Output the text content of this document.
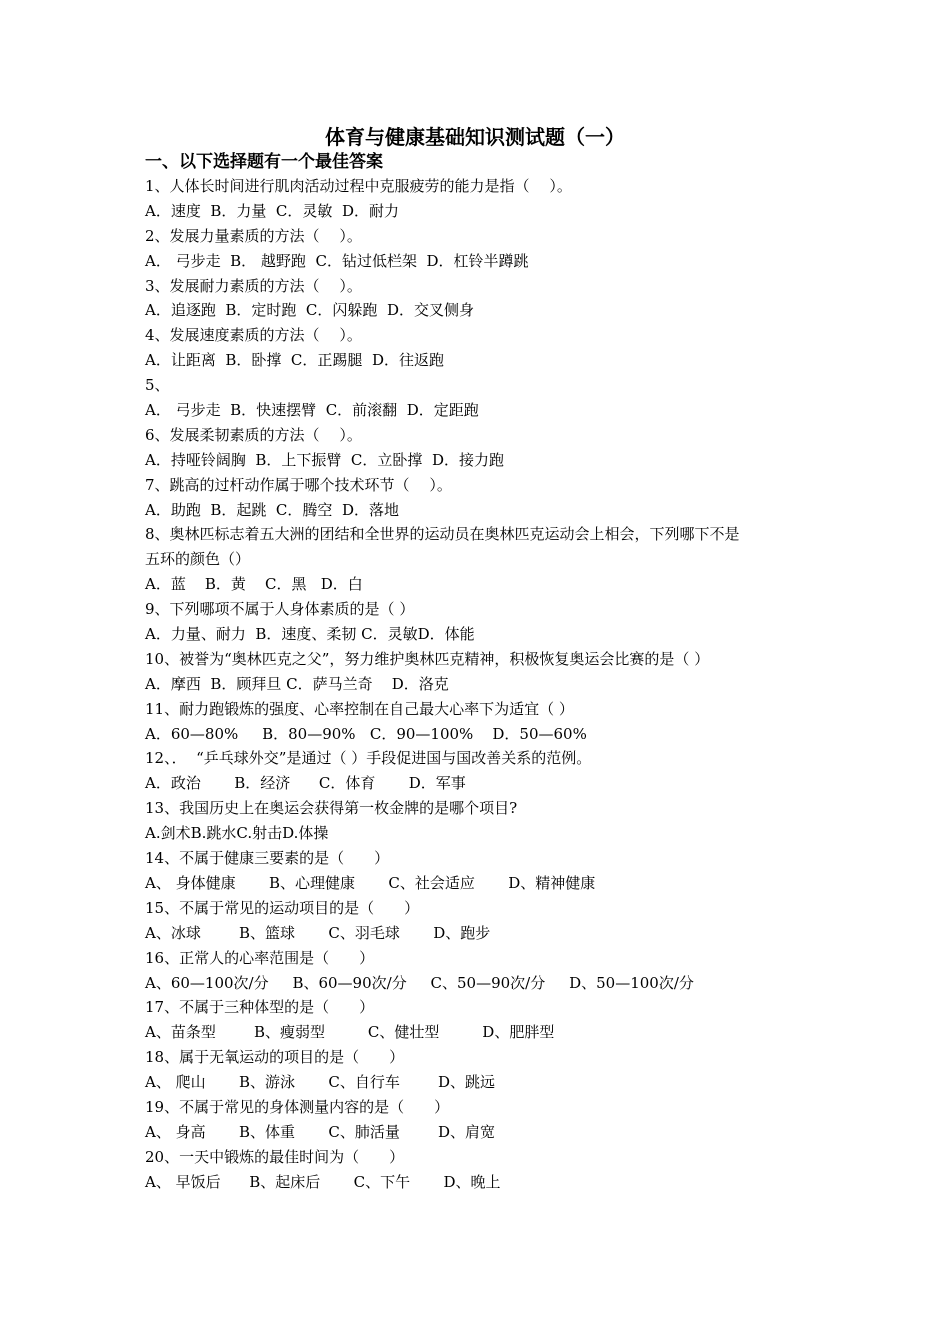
体育与健康基础知识测试题（一）
一、以下选择题有一个最佳答案
1、人体长时间进行肌肉活动过程中克服疲劳的能力是指（　 ）。
A．速度  B．力量  C．灵敏  D．耐力
2、发展力量素质的方法（　 ）。
A． 弓步走  B． 越野跑  C．钻过低栏架  D．杠铃半蹲跳
3、发展耐力素质的方法（　 ）。
A．追逐跑  B．定时跑  C．闪躲跑  D．交叉侧身
4、发展速度素质的方法（　 ）。
A．让距离  B．卧撑  C．正踢腿  D．往返跑
5、
A． 弓步走  B．快速摆臂  C．前滚翻  D．定距跑
6、发展柔韧素质的方法（　 ）。
A．持哑铃阔胸  B．上下振臂  C．立卧撑  D．接力跑
7、跳高的过杆动作属于哪个技术环节（　 ）。
A．助跑  B．起跳  C．腾空  D．落地
8、奥林匹标志着五大洲的团结和全世界的运动员在奥林匹克运动会上相会，下列哪下不是
五环的颜色（）
A．蓝    B．黄    C．黑   D．白
9、下列哪项不属于人身体素质的是（ ）
A．力量、耐力  B．速度、柔韧 C．灵敏D．体能
10、被誉为“奥林匹克之父”，努力维护奥林匹克精神，积极恢复奥运会比赛的是（ ）
A．摩西  B．顾拜旦 C．萨马兰奇    D．洛克
11、耐力跑锻炼的强度、心率控制在自己最大心率下为适宜（ ）
A．60—80%     B．80—90%   C．90—100%    D．50—60%
12、．  “乒乓球外交”是通过（ ）手段促进国与国改善关系的范例。
A．政治       B．经济      C．体育       D．军事
13、我国历史上在奥运会获得第一枚金牌的是哪个项目?
A.剑术B.跳水C.射击D.体操
14、不属于健康三要素的是（　　）
A、 身体健康       B、心理健康       C、社会适应       D、精神健康
15、不属于常见的运动项目的是（　　）
A、冰球        B、篮球       C、羽毛球       D、跑步
16、正常人的心率范围是（　　）
A、60—100次/分     B、60—90次/分     C、50—90次/分     D、50—100次/分
17、不属于三种体型的是（　　）
A、苗条型        B、瘦弱型         C、健壮型         D、肥胖型
18、属于无氧运动的项目的是（　　）
A、 爬山       B、游泳       C、自行车        D、跳远
19、不属于常见的身体测量内容的是（　　）
A、 身高       B、体重       C、肺活量        D、肩宽
20、一天中锻炼的最佳时间为（　　）
A、 早饭后      B、起床后       C、下午       D、晚上
